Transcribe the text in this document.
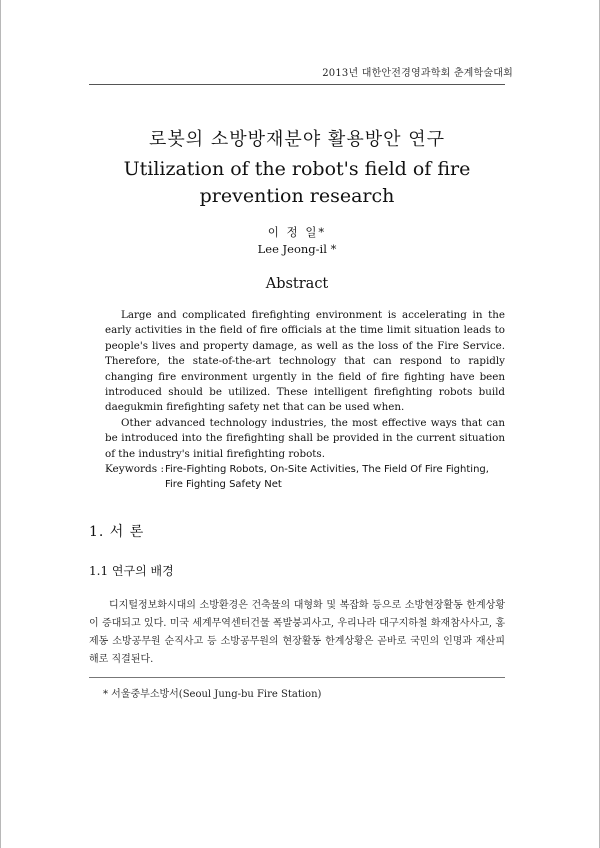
2013년 대한안전경영과학회 춘계학술대회
로봇의 소방방재분야 활용방안 연구
Utilization of the robot's field of fire
prevention research
이 정 일*
Lee Jeong-il *
Abstract

Large and complicated firefighting environment is accelerating in the early activities in the field of fire officials at the time limit situation leads to people's lives and property damage, as well as the loss of the Fire Service. Therefore, the state-of-the-art technology that can respond to rapidly changing fire environment urgently in the field of fire fighting have been introduced should be utilized. These intelligent firefighting robots build daegukmin firefighting safety net that can be used when.

Other advanced technology industries, the most effective ways that can be introduced into the firefighting shall be provided in the current situation of the industry's initial firefighting robots.

Keywords :Fire-Fighting Robots, On-Site Activities, The Field Of Fire Fighting,
Fire Fighting Safety Net
1. 서 론
1.1 연구의 배경

디지털정보화시대의 소방환경은 건축물의 대형화 및 복잡화 등으로 소방현장활동 한계상황이 증대되고 있다. 미국 세계무역센터건물 폭발붕괴사고, 우리나라 대구지하철 화재참사사고, 홍제동 소방공무원 순직사고 등 소방공무원의 현장활동 한계상황은 곧바로 국민의 인명과 재산피해로 직결된다.

* 서울중부소방서(Seoul Jung-bu Fire Station)
